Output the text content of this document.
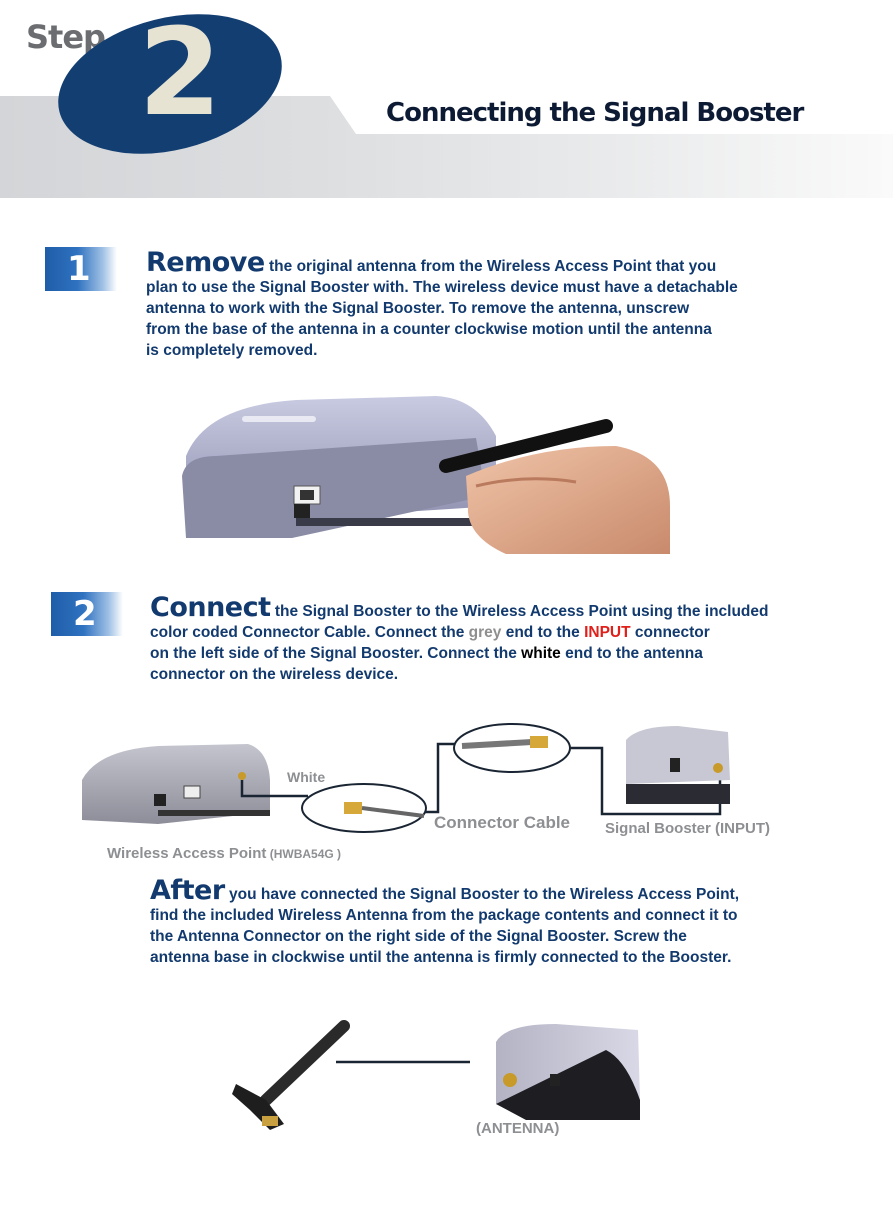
Step 2	Connecting the Signal Booster
1 Remove the original antenna from the Wireless Access Point that you
plan to use the Signal Booster with. The wireless device must have a detachable
antenna to work with the Signal Booster. To remove the antenna, unscrew
from the base of the antenna in a counter clockwise motion until the antenna
is completely removed.
2 Connect the Signal Booster to the Wireless Access Point using the included
color coded Connector Cable. Connect the grey end to the INPUT connector
on the left side of the Signal Booster. Connect the white end to the antenna
connector on the wireless device.
White
Connector Cable Signal Booster (INPUT)
Wireless Access Point (HWBA54G )
After you have connected the Signal Booster to the Wireless Access Point,
find the included Wireless Antenna from the package contents and connect it to
the Antenna Connector on the right side of the Signal Booster. Screw the
antenna base in clockwise until the antenna is firmly connected to the Booster.
(ANTENNA)
